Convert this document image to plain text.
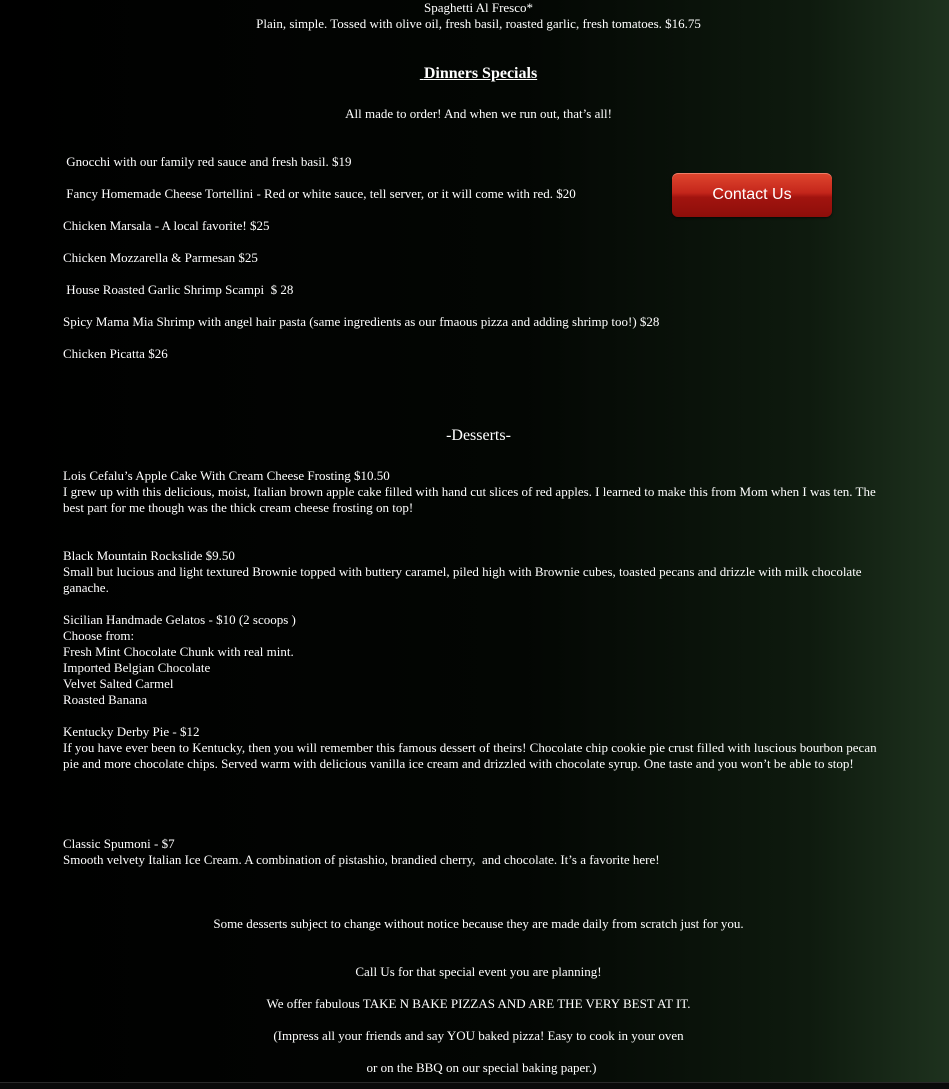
Spaghetti Al Fresco*
Plain, simple. Tossed with olive oil, fresh basil, roasted garlic, fresh tomatoes. $16.75
Dinners Specials
All made to order! And when we run out, that’s all!
Gnocchi with our family red sauce and fresh basil. $19
Fancy Homemade Cheese Tortellini - Red or white sauce, tell server, or it will come with red. $20
Chicken Marsala - A local favorite! $25
Chicken Mozzarella & Parmesan $25
House Roasted Garlic Shrimp Scampi  $ 28
Spicy Mama Mia Shrimp with angel hair pasta (same ingredients as our fmaous pizza and adding shrimp too!) $28
Chicken Picatta $26
Contact Us
-Desserts-
Lois Cefalu’s Apple Cake With Cream Cheese Frosting $10.50
I grew up with this delicious, moist, Italian brown apple cake filled with hand cut slices of red apples. I learned to make this from Mom when I was ten. The best part for me though was the thick cream cheese frosting on top!
Black Mountain Rockslide $9.50
Small but lucious and light textured Brownie topped with buttery caramel, piled high with Brownie cubes, toasted pecans and drizzle with milk chocolate ganache.
Sicilian Handmade Gelatos - $10 (2 scoops )
Choose from:
Fresh Mint Chocolate Chunk with real mint.
Imported Belgian Chocolate
Velvet Salted Carmel
Roasted Banana
Kentucky Derby Pie - $12
If you have ever been to Kentucky, then you will remember this famous dessert of theirs! Chocolate chip cookie pie crust filled with luscious bourbon pecan pie and more chocolate chips. Served warm with delicious vanilla ice cream and drizzled with chocolate syrup. One taste and you won’t be able to stop!
Classic Spumoni - $7
Smooth velvety Italian Ice Cream. A combination of pistashio, brandied cherry,  and chocolate. It’s a favorite here!
Some desserts subject to change without notice because they are made daily from scratch just for you.
Call Us for that special event you are planning!
We offer fabulous TAKE N BAKE PIZZAS AND ARE THE VERY BEST AT IT.
(Impress all your friends and say YOU baked pizza! Easy to cook in your oven
or on the BBQ on our special baking paper.)
